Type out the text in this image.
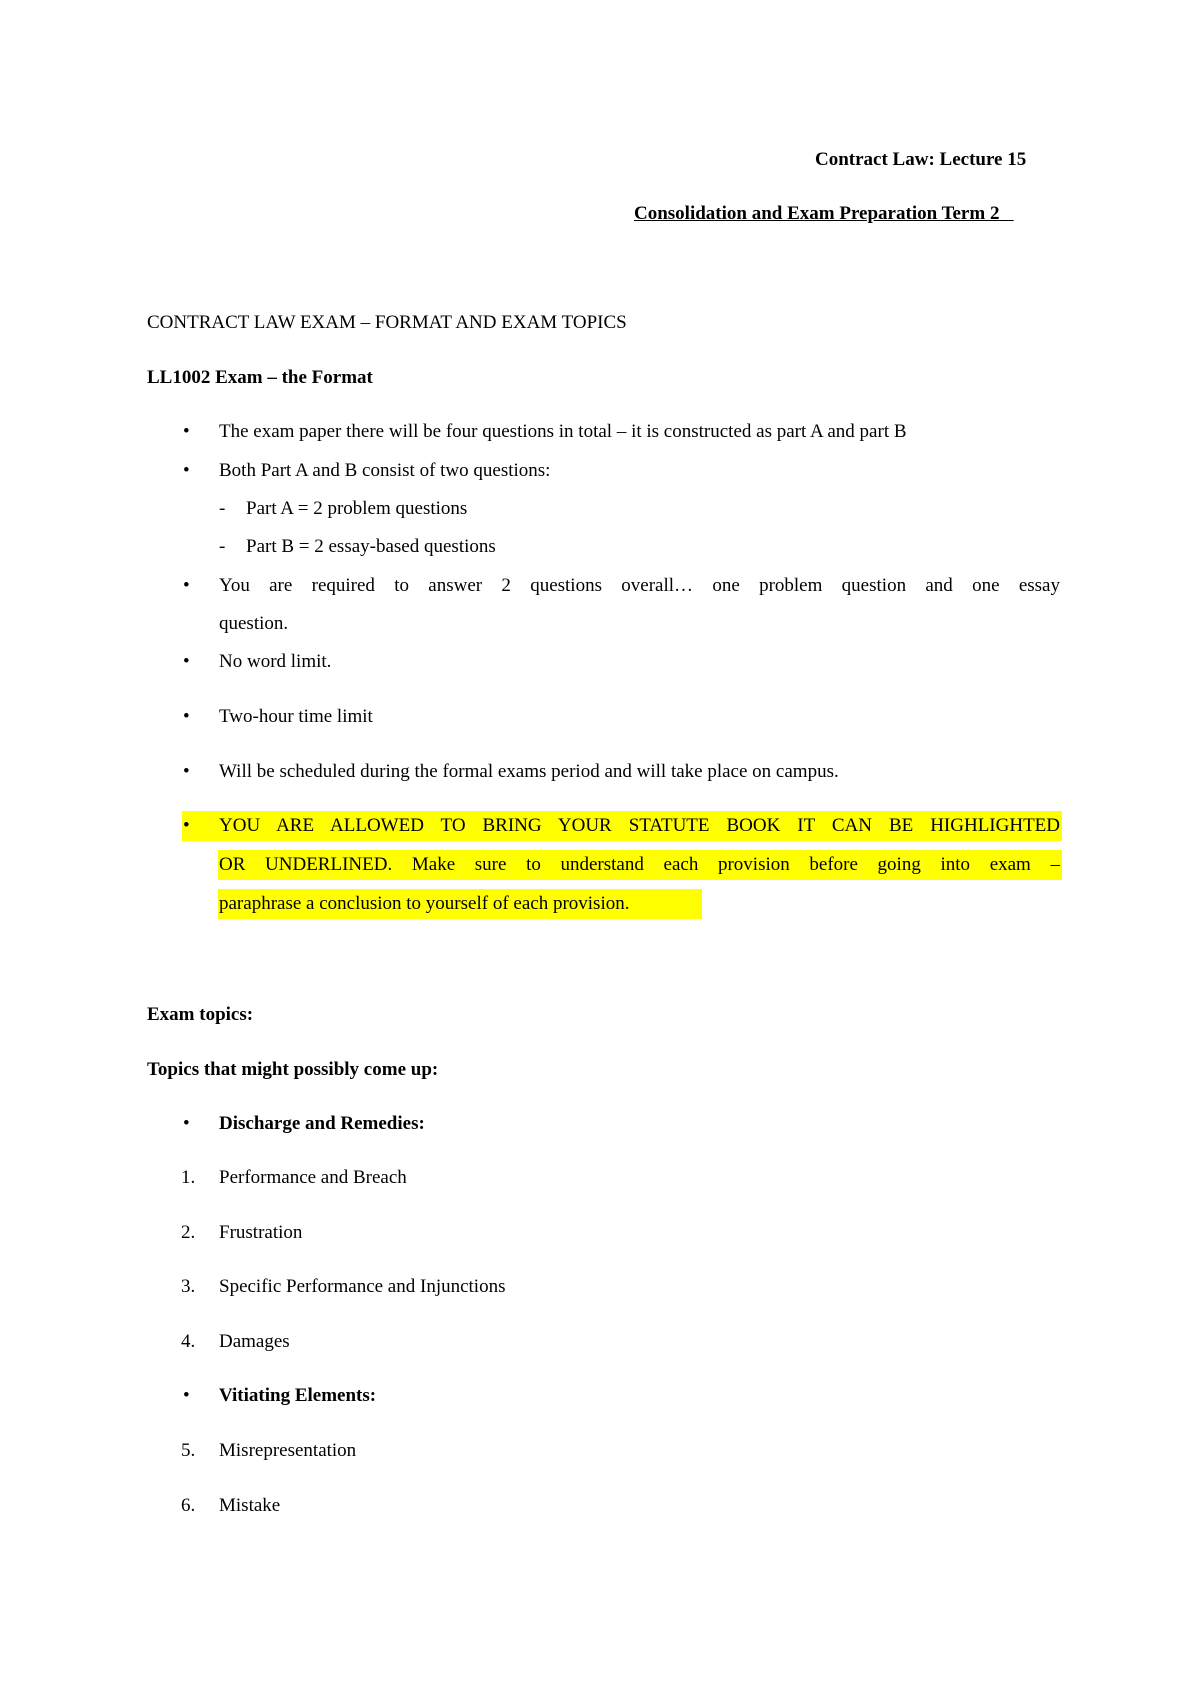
Contract Law: Lecture 15
Consolidation and Exam Preparation Term 2
CONTRACT LAW EXAM – FORMAT AND EXAM TOPICS
LL1002 Exam – the Format
•	The exam paper there will be four questions in total – it is constructed as part A and part B
•	Both Part A and B consist of two questions:
- Part A = 2 problem questions
- Part B = 2 essay-based questions
•	You are required to answer 2 questions overall… one problem question and one essay
question.
•	No word limit.
•	Two-hour time limit
•	Will be scheduled during the formal exams period and will take place on campus.
•	YOU ARE ALLOWED TO BRING YOUR STATUTE BOOK IT CAN BE HIGHLIGHTED
OR UNDERLINED. Make sure to understand each provision before going into exam –
paraphrase a conclusion to yourself of each provision.
Exam topics:
Topics that might possibly come up:
•	Discharge and Remedies:
1. Performance and Breach
2. Frustration
3. Specific Performance and Injunctions
4. Damages
•	Vitiating Elements:
5. Misrepresentation
6. Mistake
